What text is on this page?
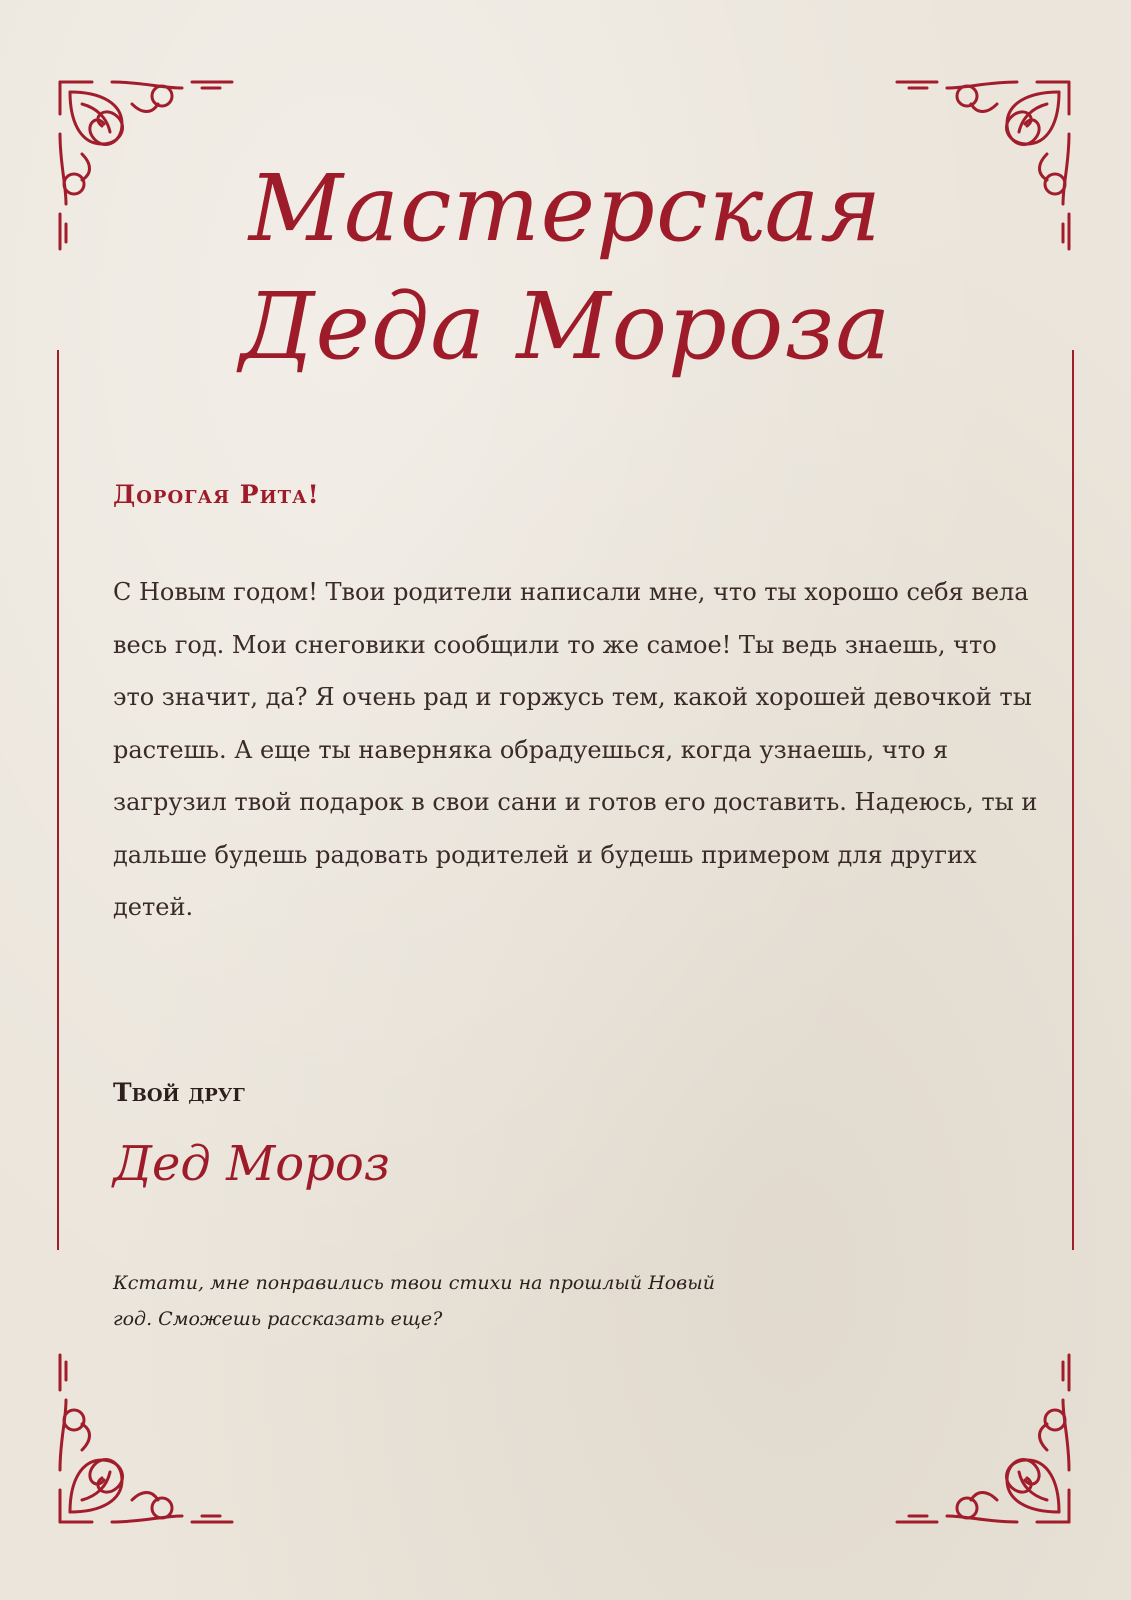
Мастерская
Деда Мороза
Дорогая Рита!
С Новым годом! Твои родители написали мне, что ты хорошо себя вела весь год. Мои снеговики сообщили то же самое! Ты ведь знаешь, что это значит, да? Я очень рад и горжусь тем, какой хорошей девочкой ты растешь. А еще ты наверняка обрадуешься, когда узнаешь, что я загрузил твой подарок в свои сани и готов его доставить. Надеюсь, ты и дальше будешь радовать родителей и будешь примером для других детей.
Твой друг
Дед Мороз
Кстати, мне понравились твои стихи на прошлый Новый год. Сможешь рассказать еще?
